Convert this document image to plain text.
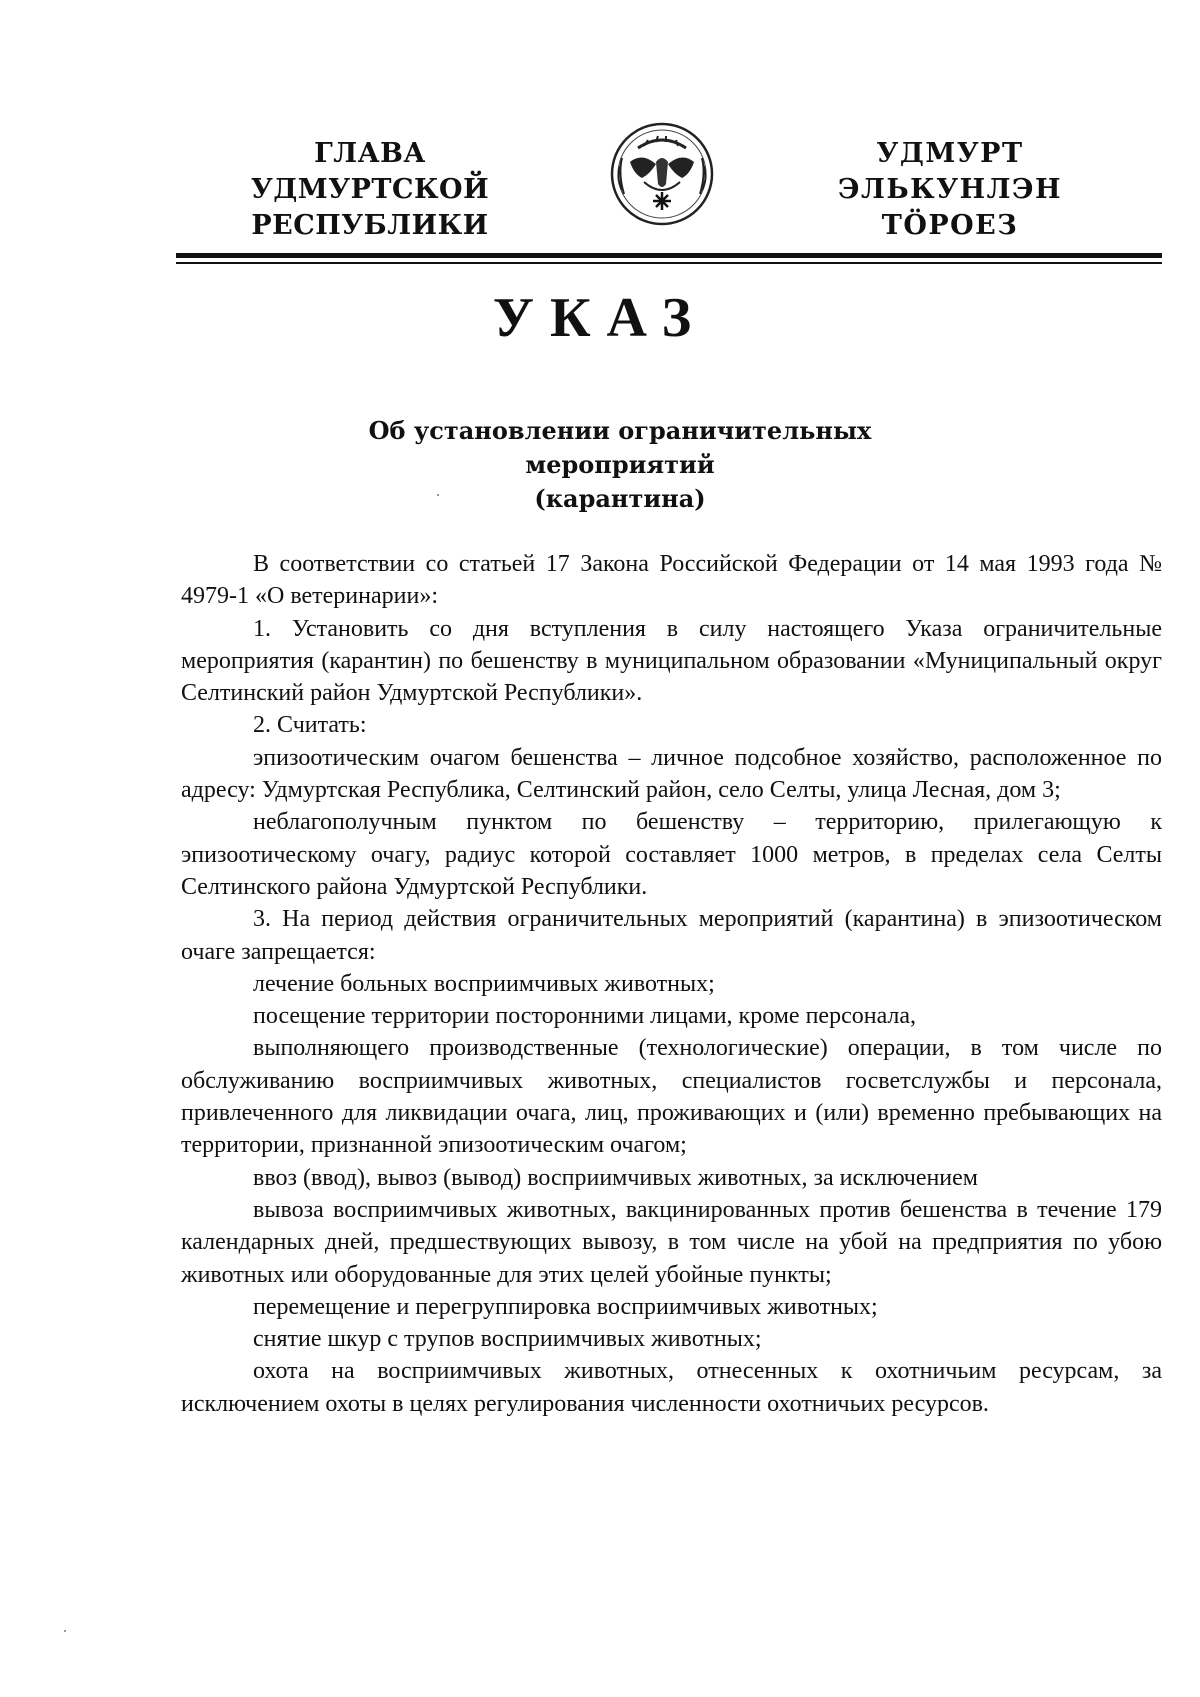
ГЛАВА
УДМУРТСКОЙ РЕСПУБЛИКИ
УДМУРТ ЭЛЬКУНЛЭН
ТӦРОЕЗ
УКАЗ
Об установлении ограничительных мероприятий
(карантина)

В соответствии со статьей 17 Закона Российской Федерации от 14 мая 1993 года № 4979-1 «О ветеринарии»:

1. Установить со дня вступления в силу настоящего Указа ограничительные мероприятия (карантин) по бешенству в муниципальном образовании «Муниципальный округ Селтинский район Удмуртской Республики».

2. Считать:

эпизоотическим очагом бешенства – личное подсобное хозяйство, расположенное по адресу: Удмуртская Республика, Селтинский район, село Селты, улица Лесная, дом 3;

неблагополучным пунктом по бешенству – территорию, прилегающую к эпизоотическому очагу, радиус которой составляет 1000 метров, в пределах села Селты Селтинского района Удмуртской Республики.

3. На период действия ограничительных мероприятий (карантина) в эпизоотическом очаге запрещается:

лечение больных восприимчивых животных;

посещение территории посторонними лицами, кроме персонала,

выполняющего производственные (технологические) операции, в том числе по обслуживанию восприимчивых животных, специалистов госветслужбы и персонала, привлеченного для ликвидации очага, лиц, проживающих и (или) временно пребывающих на территории, признанной эпизоотическим очагом;

ввоз (ввод), вывоз (вывод) восприимчивых животных, за исключением

вывоза восприимчивых животных, вакцинированных против бешенства в течение 179 календарных дней, предшествующих вывозу, в том числе на убой на предприятия по убою животных или оборудованные для этих целей убойные пункты;

перемещение и перегруппировка восприимчивых животных;

снятие шкур с трупов восприимчивых животных;

охота на восприимчивых животных, отнесенных к охотничьим ресурсам, за исключением охоты в целях регулирования численности охотничьих ресурсов.
